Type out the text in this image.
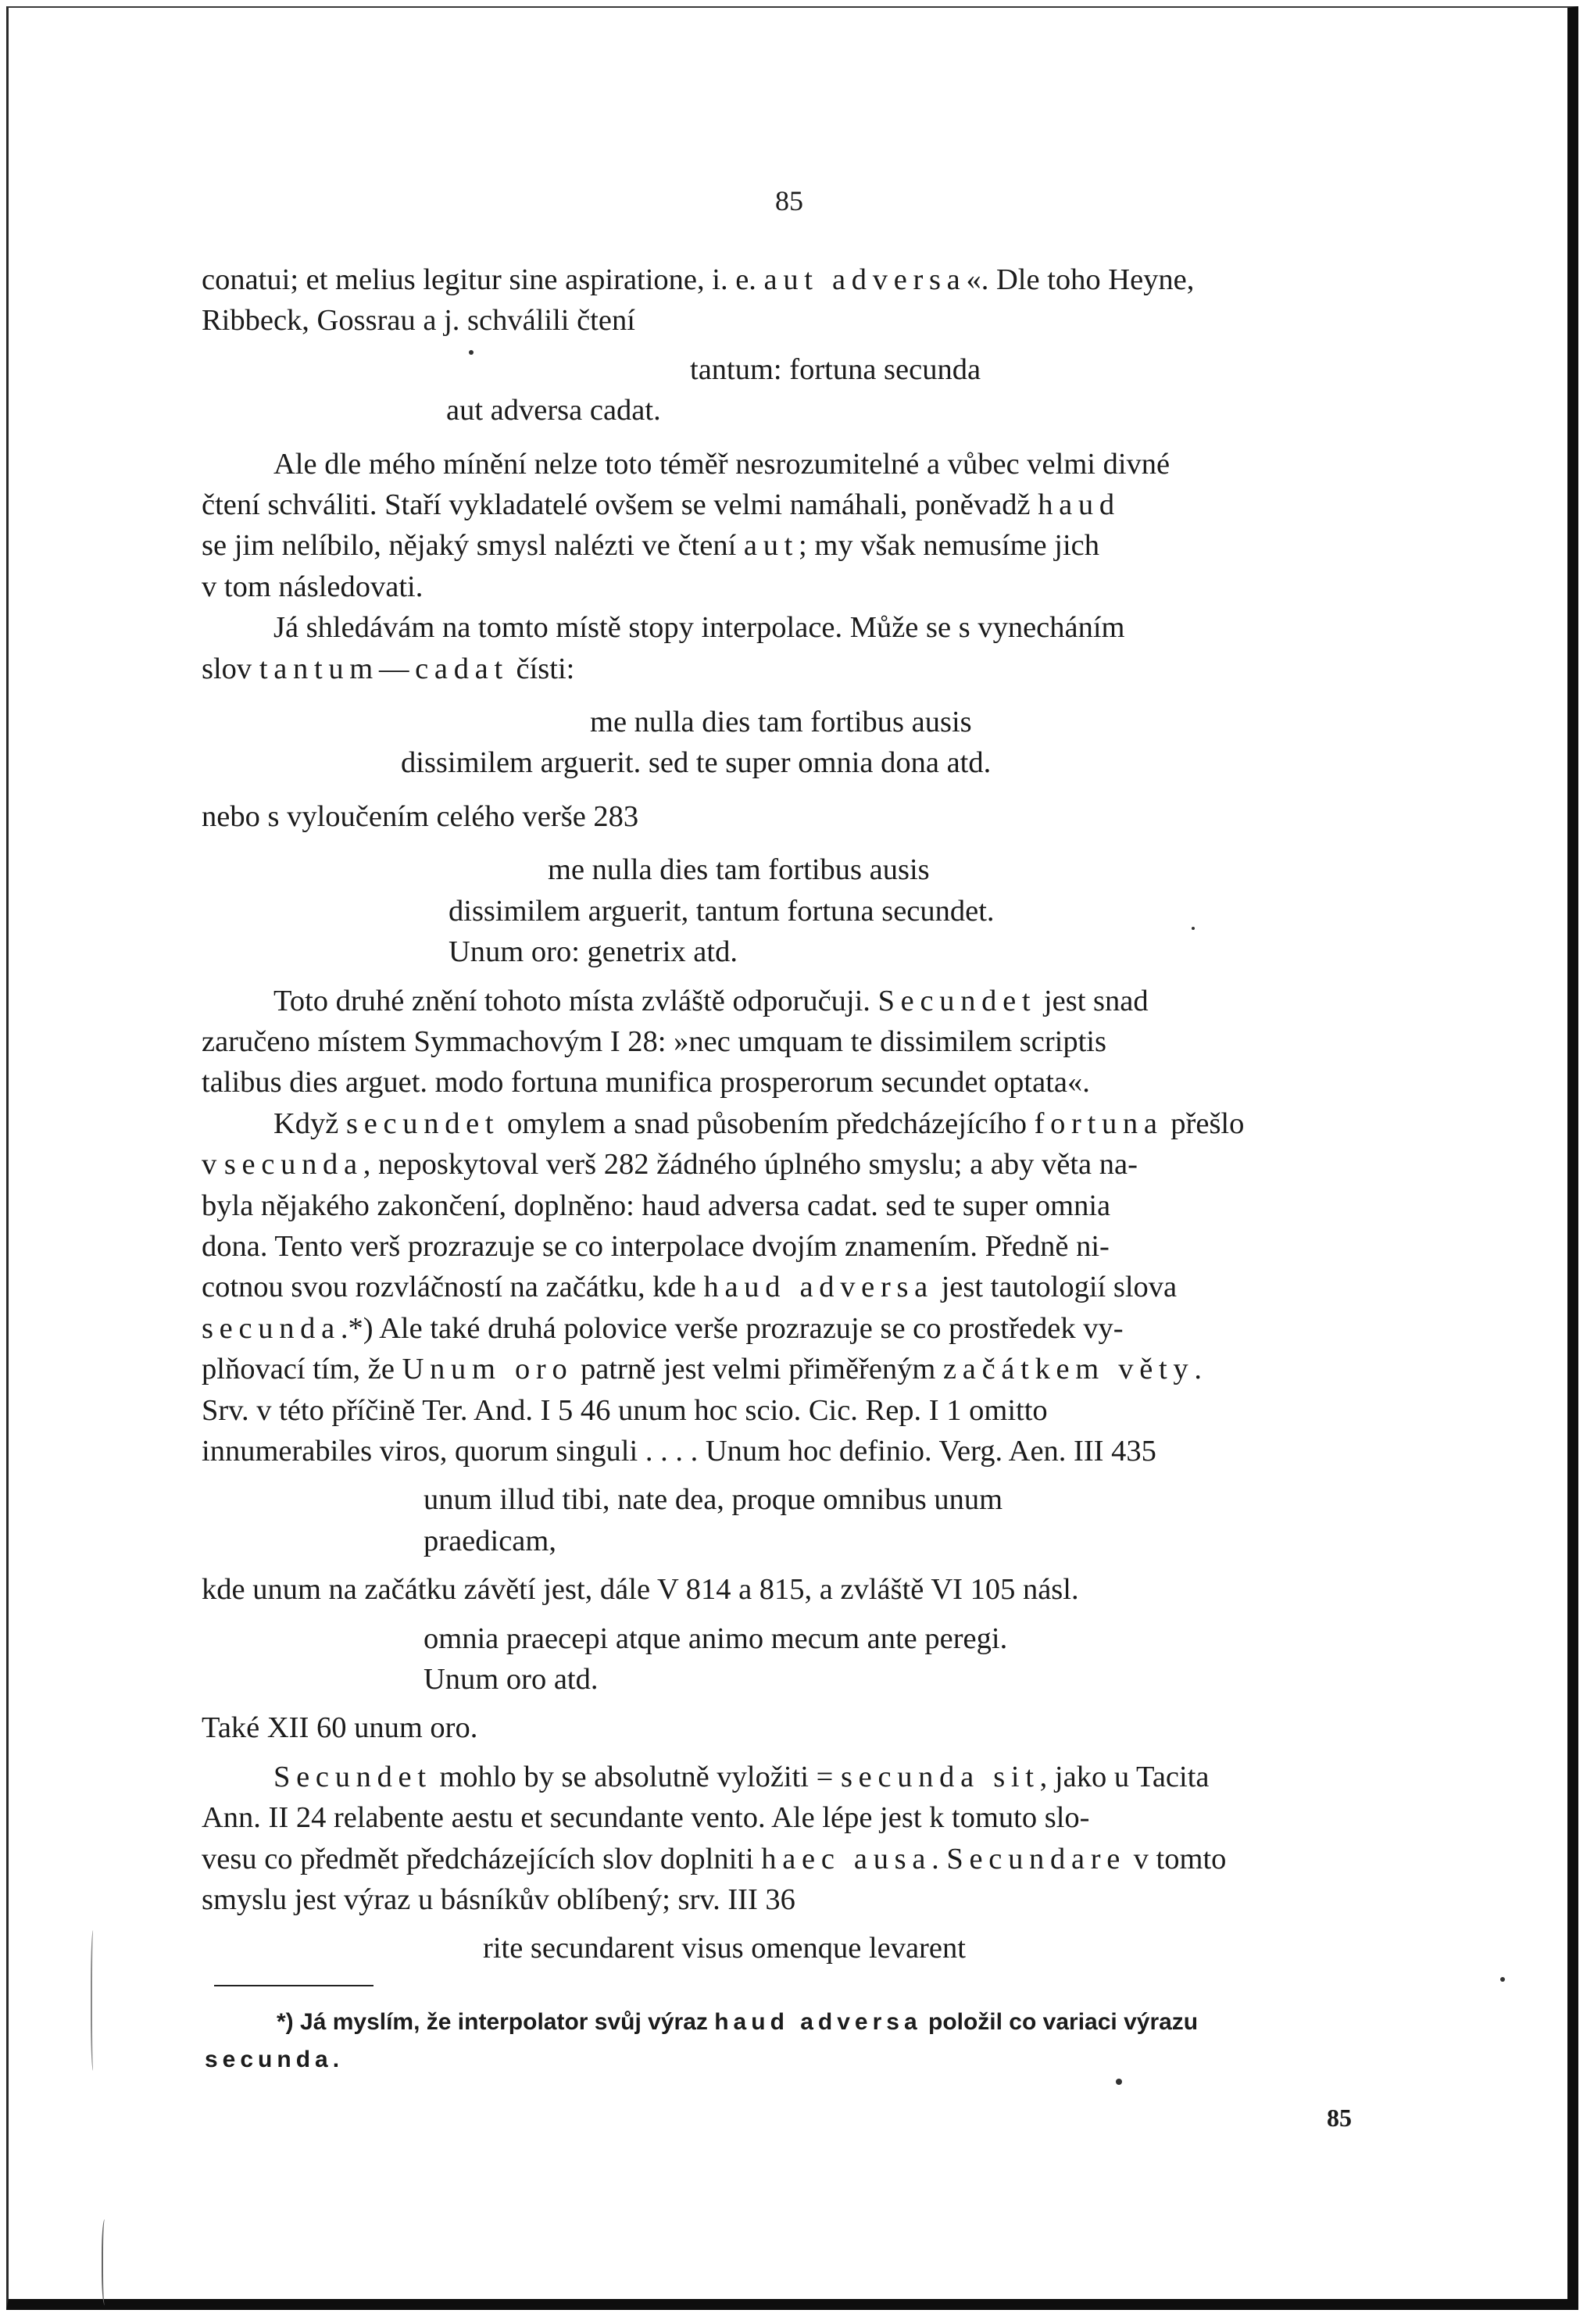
85

conatui; et melius legitur sine aspiratione, i. e. aut adversa«. Dle toho Heyne,

Ribbeck, Gossrau a j. schválili čtení

tantum: fortuna secunda
aut adversa cadat.

Ale dle mého mínění nelze toto téměř nesrozumitelné a vůbec velmi divné

čtení schváliti. Staří vykladatelé ovšem se velmi namáhali, poněvadž haud

se jim nelíbilo, nějaký smysl nalézti ve čtení aut; my však nemusíme jich

v tom následovati.

Já shledávám na tomto místě stopy interpolace. Může se s vynecháním

slov tantum—cadat čísti:

me nulla dies tam fortibus ausis
dissimilem arguerit. sed te super omnia dona atd.

nebo s vyloučením celého verše 283

me nulla dies tam fortibus ausis
dissimilem arguerit, tantum fortuna secundet.
Unum oro: genetrix atd.

Toto druhé znění tohoto místa zvláště odporučuji. Secundet jest snad

zaručeno místem Symmachovým I 28: »nec umquam te dissimilem scriptis

talibus dies arguet. modo fortuna munifica prosperorum secundet optata«.

Když secundet omylem a snad působením předcházejícího fortuna přešlo

v secunda, neposkytoval verš 282 žádného úplného smyslu; a aby věta na-

byla nějakého zakončení, doplněno: haud adversa cadat. sed te super omnia

dona. Tento verš prozrazuje se co interpolace dvojím znamením. Předně ni-

cotnou svou rozvláčností na začátku, kde haud adversa jest tautologií slova

secunda.*) Ale také druhá polovice verše prozrazuje se co prostředek vy-

plňovací tím, že Unum oro patrně jest velmi přiměřeným začátkem věty.

Srv. v této příčině Ter. And. I 5 46 unum hoc scio. Cic. Rep. I 1 omitto

innumerabiles viros, quorum singuli . . . . Unum hoc definio. Verg. Aen. III 435

unum illud tibi, nate dea, proque omnibus unum
praedicam,

kde unum na začátku závětí jest, dále V 814 a 815, a zvláště VI 105 násl.

omnia praecepi atque animo mecum ante peregi.
Unum oro atd.

Také XII 60 unum oro.

Secundet mohlo by se absolutně vyložiti = secunda sit, jako u Tacita

Ann. II 24 relabente aestu et secundante vento. Ale lépe jest k tomuto slo-

vesu co předmět předcházejících slov doplniti haec ausa. Secundare v tomto

smyslu jest výraz u básníkův oblíbený; srv. III 36

rite secundarent visus omenque levarent
*) Já myslím, že interpolator svůj výraz haud adversa položil co variaci výrazu
secunda.
85
